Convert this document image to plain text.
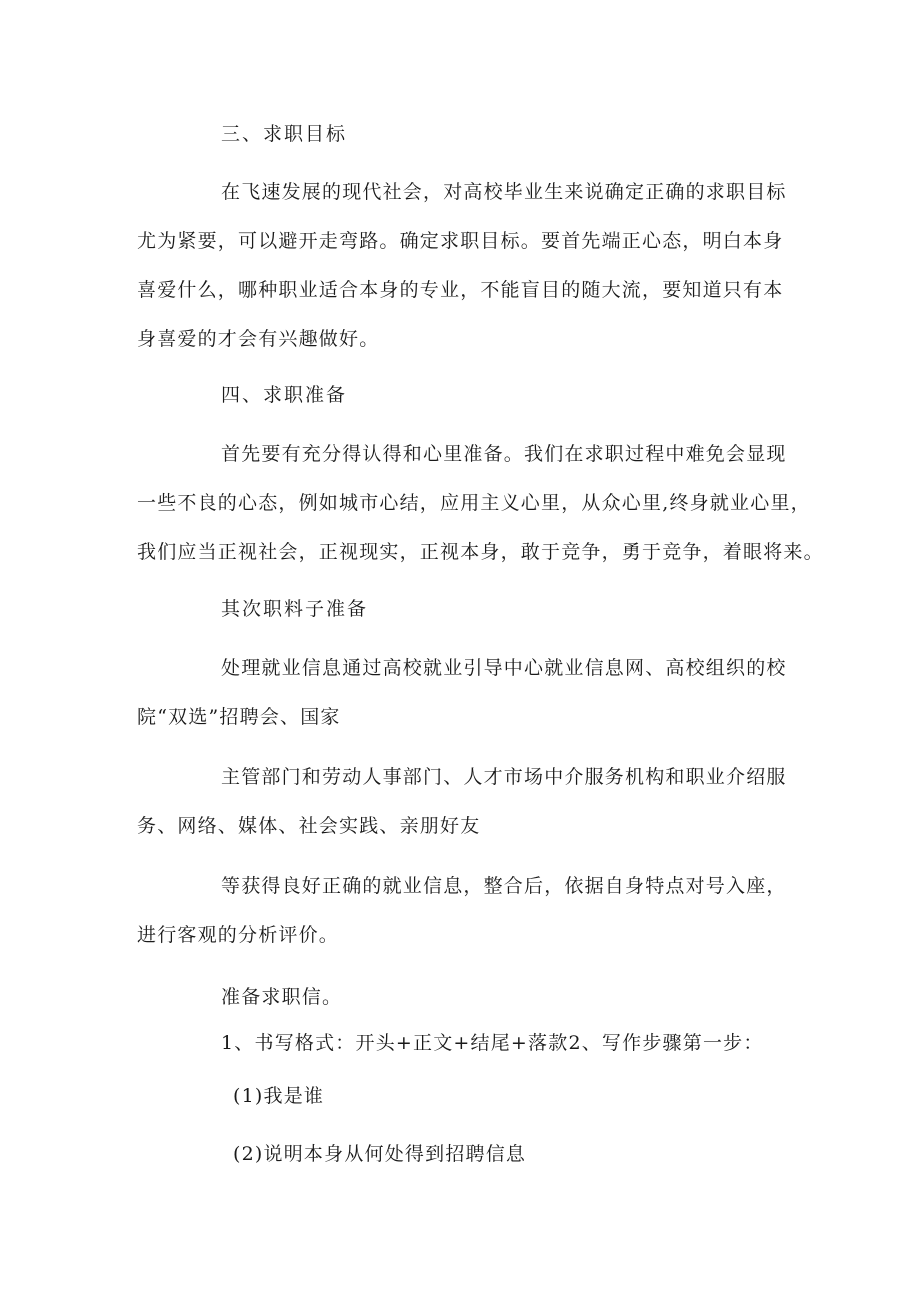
三、求职目标
在飞速发展的现代社会，对高校毕业生来说确定正确的求职目标
尤为紧要，可以避开走弯路。确定求职目标。要首先端正心态，明白本身
喜爱什么，哪种职业适合本身的专业，不能盲目的随大流，要知道只有本
身喜爱的才会有兴趣做好。
四、求职准备
首先要有充分得认得和心里准备。我们在求职过程中难免会显现
一些不良的心态，例如城市心结，应用主义心里，从众心里,终身就业心里，
我们应当正视社会，正视现实，正视本身，敢于竞争，勇于竞争，着眼将来。
其次职料子准备
处理就业信息通过高校就业引导中心就业信息网、高校组织的校
院“双选”招聘会、国家
主管部门和劳动人事部门、人才市场中介服务机构和职业介绍服
务、网络、媒体、社会实践、亲朋好友
等获得良好正确的就业信息，整合后，依据自身特点对号入座，
进行客观的分析评价。
准备求职信。
1、书写格式：开头+正文+结尾+落款2、写作步骤第一步：
(1)我是谁
(2)说明本身从何处得到招聘信息
